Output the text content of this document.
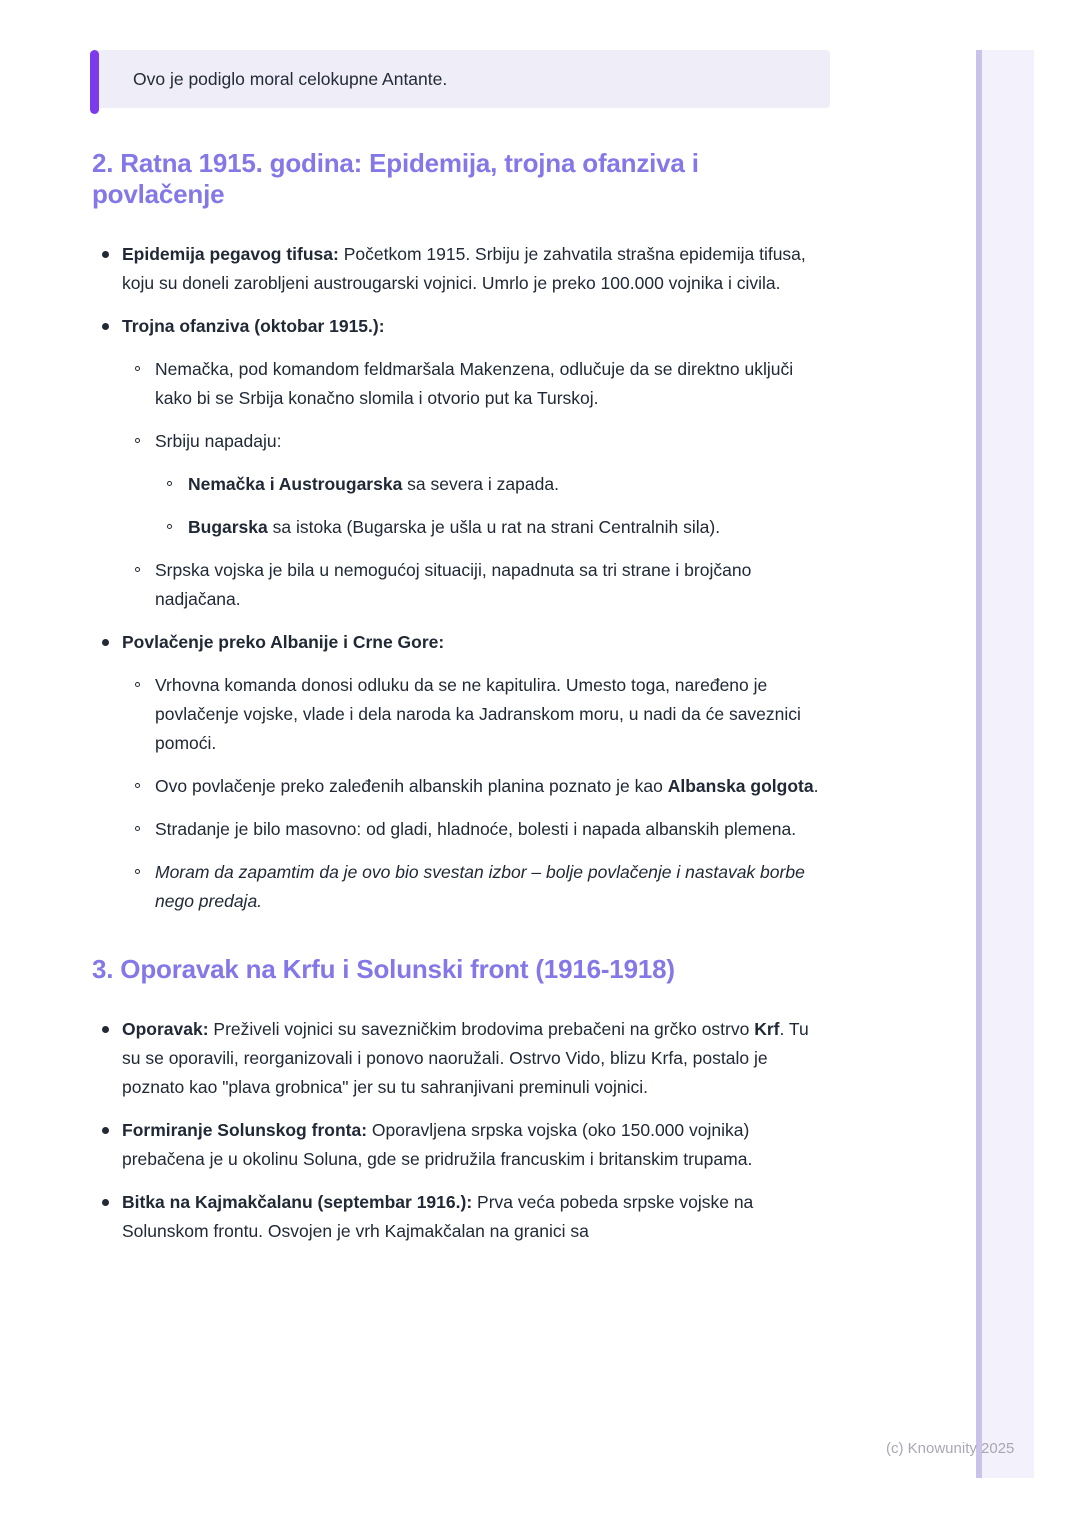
Ovo je podiglo moral celokupne Antante.
2. Ratna 1915. godina: Epidemija, trojna ofanziva i povlačenje
Epidemija pegavog tifusa: Početkom 1915. Srbiju je zahvatila strašna epidemija tifusa, koju su doneli zarobljeni austrougarski vojnici. Umrlo je preko 100.000 vojnika i civila.
Trojna ofanziva (oktobar 1915.):
Nemačka, pod komandom feldmaršala Makenzena, odlučuje da se direktno uključi kako bi se Srbija konačno slomila i otvorio put ka Turskoj.
Srbiju napadaju:
Nemačka i Austrougarska sa severa i zapada.
Bugarska sa istoka (Bugarska je ušla u rat na strani Centralnih sila).
Srpska vojska je bila u nemogućoj situaciji, napadnuta sa tri strane i brojčano nadjačana.
Povlačenje preko Albanije i Crne Gore:
Vrhovna komanda donosi odluku da se ne kapitulira. Umesto toga, naređeno je povlačenje vojske, vlade i dela naroda ka Jadranskom moru, u nadi da će saveznici pomoći.
Ovo povlačenje preko zaleđenih albanskih planina poznato je kao Albanska golgota.
Stradanje je bilo masovno: od gladi, hladnoće, bolesti i napada albanskih plemena.
Moram da zapamtim da je ovo bio svestan izbor – bolje povlačenje i nastavak borbe nego predaja.
3. Oporavak na Krfu i Solunski front (1916-1918)
Oporavak: Preživeli vojnici su savezničkim brodovima prebačeni na grčko ostrvo Krf. Tu su se oporavili, reorganizovali i ponovo naoružali. Ostrvo Vido, blizu Krfa, postalo je poznato kao "plava grobnica" jer su tu sahranjivani preminuli vojnici.
Formiranje Solunskog fronta: Oporavljena srpska vojska (oko 150.000 vojnika) prebačena je u okolinu Soluna, gde se pridružila francuskim i britanskim trupama.
Bitka na Kajmakčalanu (septembar 1916.): Prva veća pobeda srpske vojske na Solunskom frontu. Osvojen je vrh Kajmakčalan na granici sa
(c) Knowunity 2025
